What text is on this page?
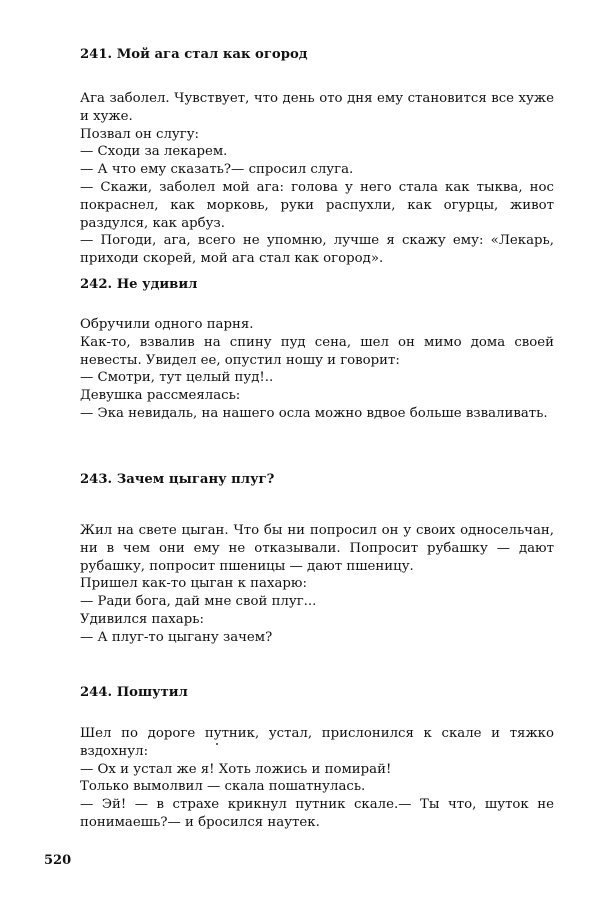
241. Мой ага стал как огород

Ага заболел. Чувствует, что день ото дня ему становится все хуже и хуже.

Позвал он слугу:

— Сходи за лекарем.

— А что ему сказать?— спросил слуга.

— Скажи, заболел мой ага: голова у него стала как тыква, нос покраснел, как морковь, руки распухли, как огурцы, живот раздулся, как арбуз.

— Погоди, ага, всего не упомню, лучше я скажу ему: «Лекарь, приходи скорей, мой ага стал как огород».

242. Не удивил

Обручили одного парня.

Как-то, взвалив на спину пуд сена, шел он мимо дома своей невесты. Увидел ее, опустил ношу и говорит:

— Смотри, тут целый пуд!..

Девушка рассмеялась:

— Эка невидаль, на нашего осла можно вдвое больше взваливать.

243. Зачем цыгану плуг?

Жил на свете цыган. Что бы ни попросил он у своих односельчан, ни в чем они ему не отказывали. Попросит рубашку — дают рубашку, попросит пшеницы — дают пшеницу.

Пришел как-то цыган к пахарю:

— Ради бога, дай мне свой плуг...

Удивился пахарь:

— А плуг-то цыгану зачем?

244. Пошутил

Шел по дороге путник, устал, прислонился к скале и тяжко вздохнул:

— Ох и устал же я! Хоть ложись и помирай!

Только вымолвил — скала пошатнулась.

— Эй! — в страхе крикнул путник скале.— Ты что, шуток не понимаешь?— и бросился наутек.

520
